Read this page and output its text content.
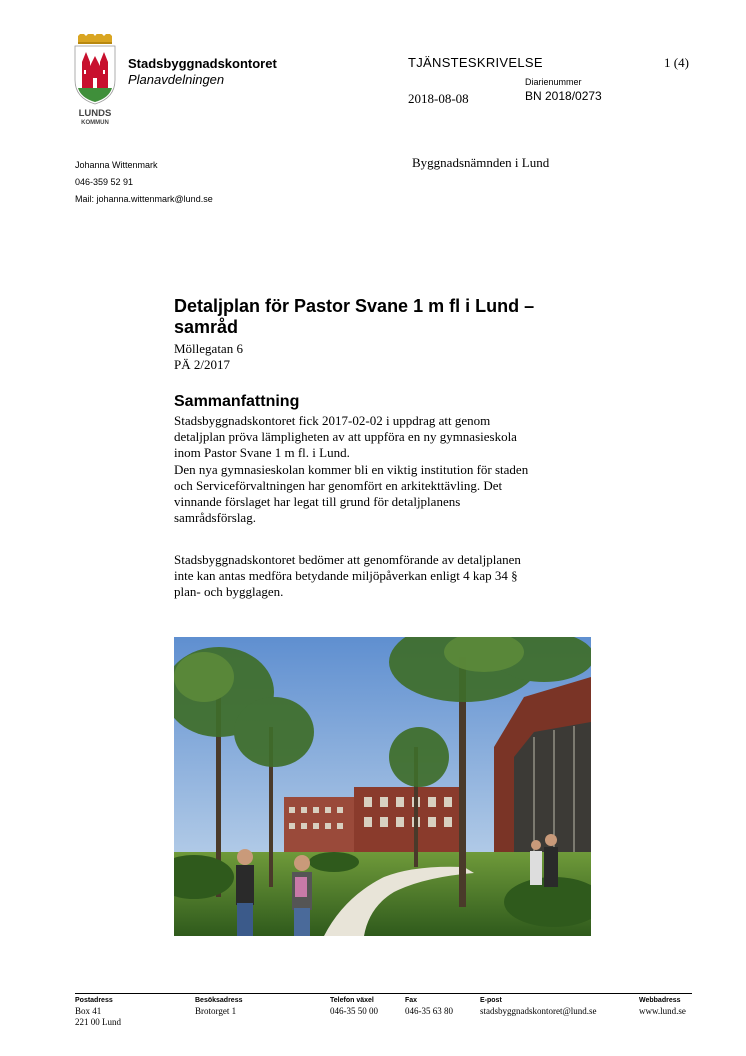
LUNDS
KOMMUN
Stadsbyggnadskontoret
Planavdelningen
TJÄNSTESKRIVELSE	1 (4)
Diarienummer
2018-08-08	BN 2018/0273
Johanna Wittenmark
046-359 52 91
Mail: johanna.wittenmark@lund.se
Byggnadsnämnden i Lund
Detaljplan för Pastor Svane 1 m fl i Lund –
samråd
Möllegatan 6
PÄ 2/2017
Sammanfattning
Stadsbyggnadskontoret fick 2017-02-02 i uppdrag att genom
detaljplan pröva lämpligheten av att uppföra en ny gymnasieskola
inom Pastor Svane 1 m fl. i Lund.
Den nya gymnasieskolan kommer bli en viktig institution för staden
och Serviceförvaltningen har genomfört en arkitekttävling. Det
vinnande förslaget har legat till grund för detaljplanens
samrådsförslag.
Stadsbyggnadskontoret bedömer att genomförande av detaljplanen
inte kan antas medföra betydande miljöpåverkan enligt 4 kap 34 §
plan- och bygglagen.
Postadress
Box 41
221 00 Lund
Besöksadress
Brotorget 1
Telefon växel
046-35 50 00
Fax
046-35 63 80
E-post
stadsbyggnadskontoret@lund.se
Webbadress
www.lund.se
